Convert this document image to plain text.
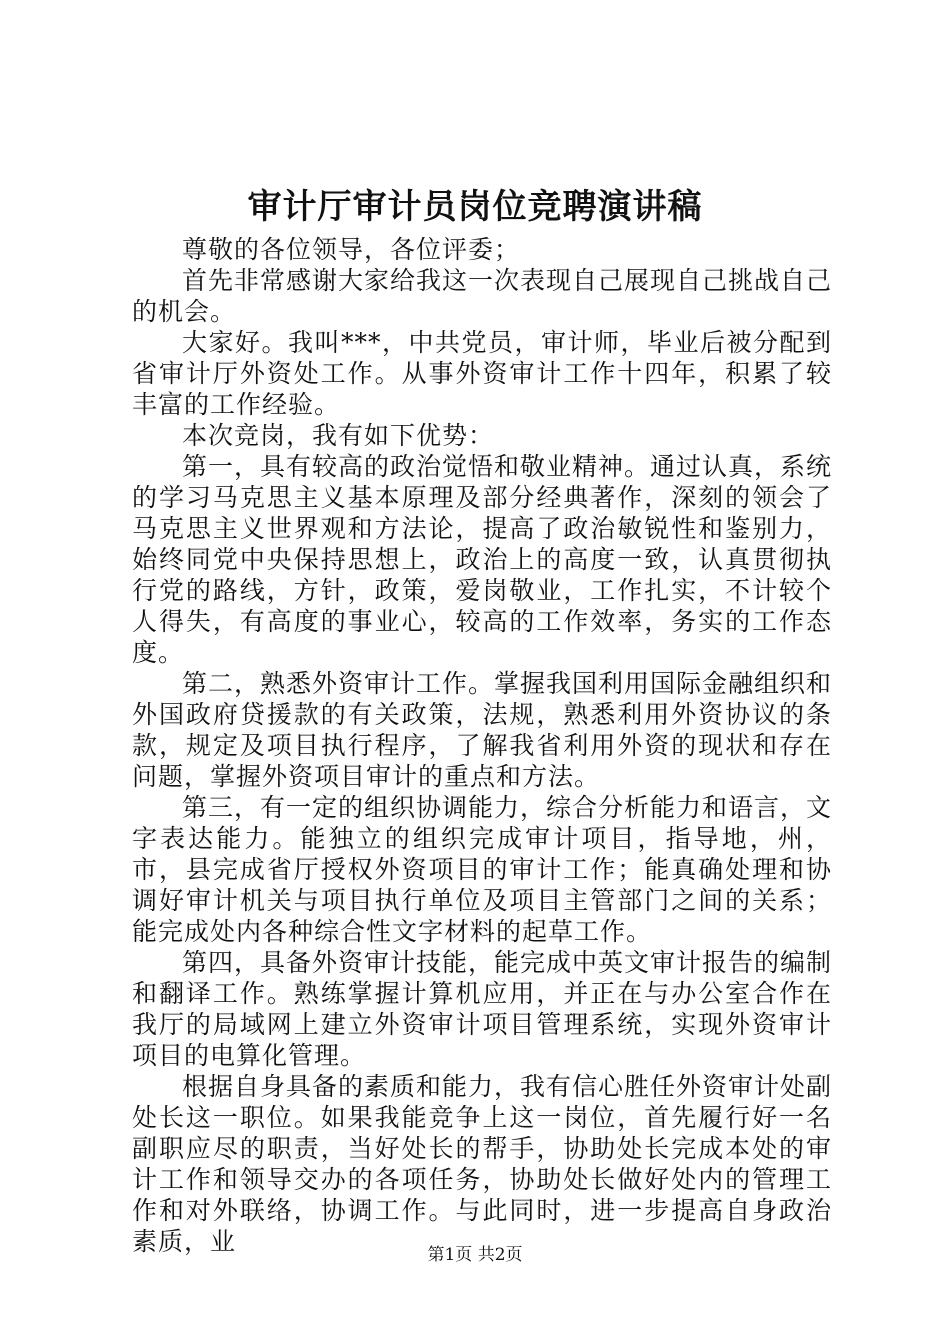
审计厅审计员岗位竞聘演讲稿

尊敬的各位领导，各位评委；

首先非常感谢大家给我这一次表现自己展现自己挑战自己的机会。

大家好。我叫***，中共党员，审计师，毕业后被分配到省审计厅外资处工作。从事外资审计工作十四年，积累了较丰富的工作经验。

本次竞岗，我有如下优势：

第一，具有较高的政治觉悟和敬业精神。通过认真，系统的学习马克思主义基本原理及部分经典著作，深刻的领会了马克思主义世界观和方法论，提高了政治敏锐性和鉴别力，始终同党中央保持思想上，政治上的高度一致，认真贯彻执行党的路线，方针，政策，爱岗敬业，工作扎实，不计较个人得失，有高度的事业心，较高的工作效率，务实的工作态度。

第二，熟悉外资审计工作。掌握我国利用国际金融组织和外国政府贷援款的有关政策，法规，熟悉利用外资协议的条款，规定及项目执行程序，了解我省利用外资的现状和存在问题，掌握外资项目审计的重点和方法。

第三，有一定的组织协调能力，综合分析能力和语言，文字表达能力。能独立的组织完成审计项目，指导地，州，市，县完成省厅授权外资项目的审计工作；能真确处理和协调好审计机关与项目执行单位及项目主管部门之间的关系；能完成处内各种综合性文字材料的起草工作。

第四，具备外资审计技能，能完成中英文审计报告的编制和翻译工作。熟练掌握计算机应用，并正在与办公室合作在我厅的局域网上建立外资审计项目管理系统，实现外资审计项目的电算化管理。

根据自身具备的素质和能力，我有信心胜任外资审计处副处长这一职位。如果我能竞争上这一岗位，首先履行好一名副职应尽的职责，当好处长的帮手，协助处长完成本处的审计工作和领导交办的各项任务，协助处长做好处内的管理工作和对外联络，协调工作。与此同时，进一步提高自身政治素质，业	第1页 共2页
